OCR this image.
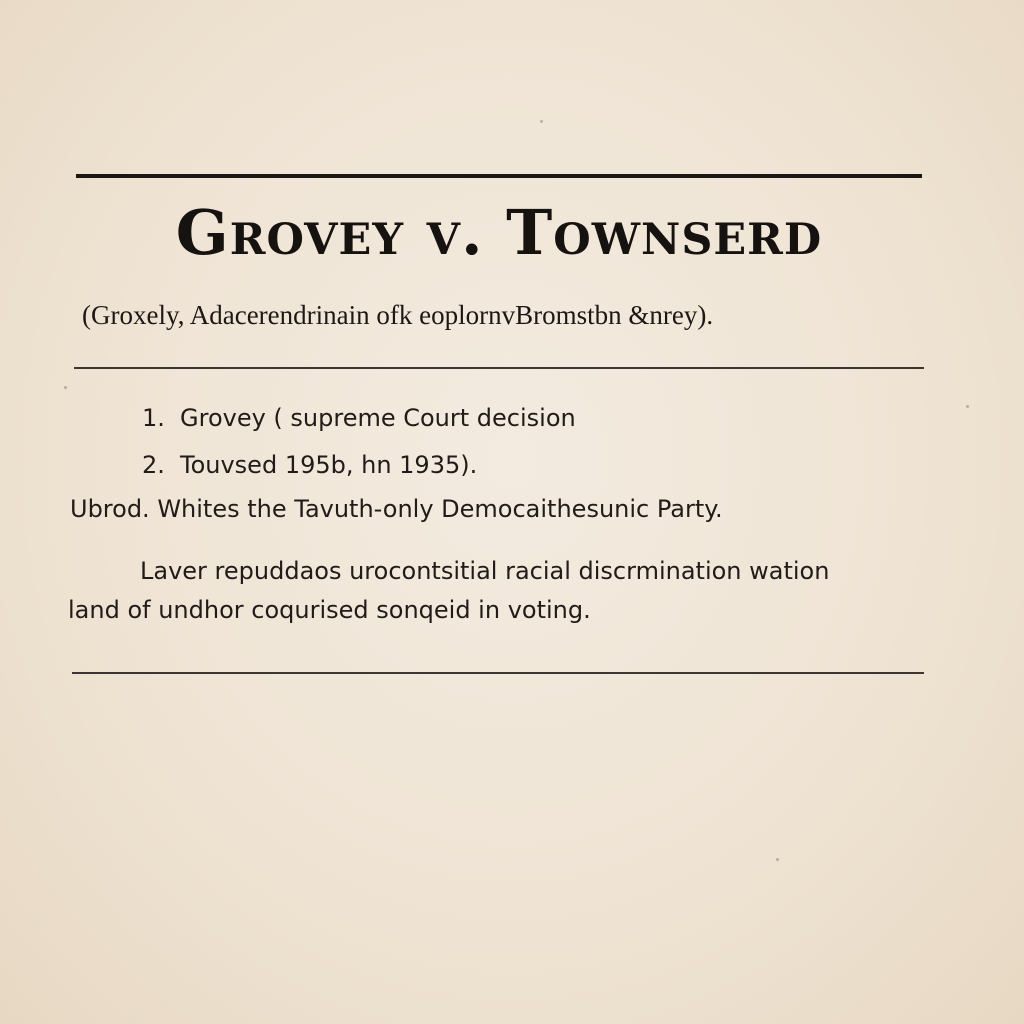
Grovey v. Townserd
(Groxely, Adacerendrinain ofk eoplornvBromstbn &nrey).
1. Grovey ( supreme Court decision
2. Touvsed 195b, hn 1935).
Ubrod. Whites the Tavuth-only Democaithesunic Party.
Laver repuddaos urocontsitial racial discrmination wation
land of undhor coqurised sonqeid in voting.
